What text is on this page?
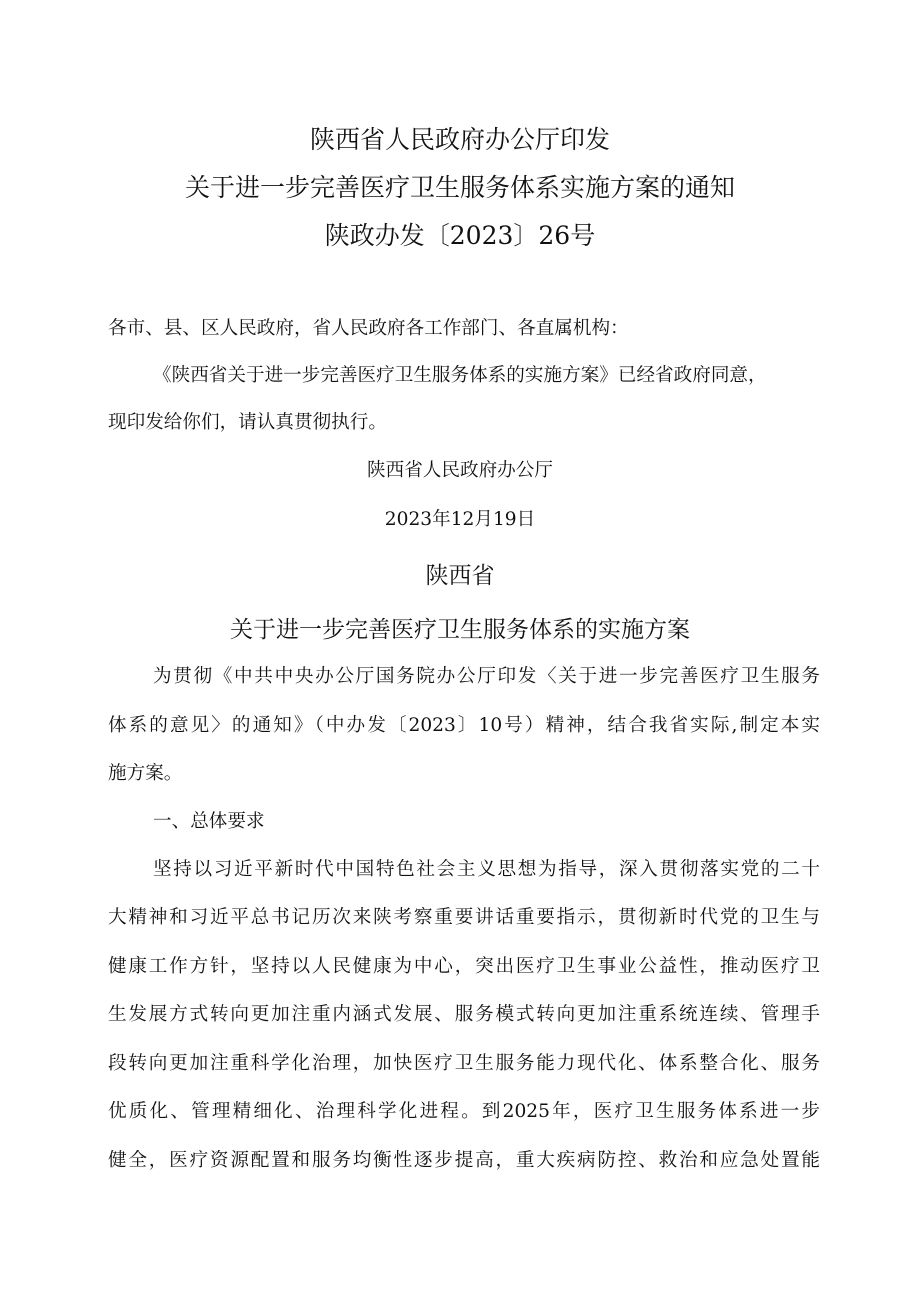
陕西省人民政府办公厅印发
关于进一步完善医疗卫生服务体系实施方案的通知
陕政办发〔2023〕26号
各市、县、区人民政府，省人民政府各工作部门、各直属机构：
《陕西省关于进一步完善医疗卫生服务体系的实施方案》已经省政府同意，
现印发给你们，请认真贯彻执行。
陕西省人民政府办公厅
2023年12月19日
陕西省
关于进一步完善医疗卫生服务体系的实施方案
为贯彻《中共中央办公厅国务院办公厅印发〈关于进一步完善医疗卫生服务
体系的意见〉的通知》（中办发〔2023〕10号）精神，结合我省实际,制定本实
施方案。
一、总体要求
坚持以习近平新时代中国特色社会主义思想为指导，深入贯彻落实党的二十
大精神和习近平总书记历次来陕考察重要讲话重要指示，贯彻新时代党的卫生与
健康工作方针，坚持以人民健康为中心，突出医疗卫生事业公益性，推动医疗卫
生发展方式转向更加注重内涵式发展、服务模式转向更加注重系统连续、管理手
段转向更加注重科学化治理，加快医疗卫生服务能力现代化、体系整合化、服务
优质化、管理精细化、治理科学化进程。到2025年，医疗卫生服务体系进一步
健全，医疗资源配置和服务均衡性逐步提高，重大疾病防控、救治和应急处置能
